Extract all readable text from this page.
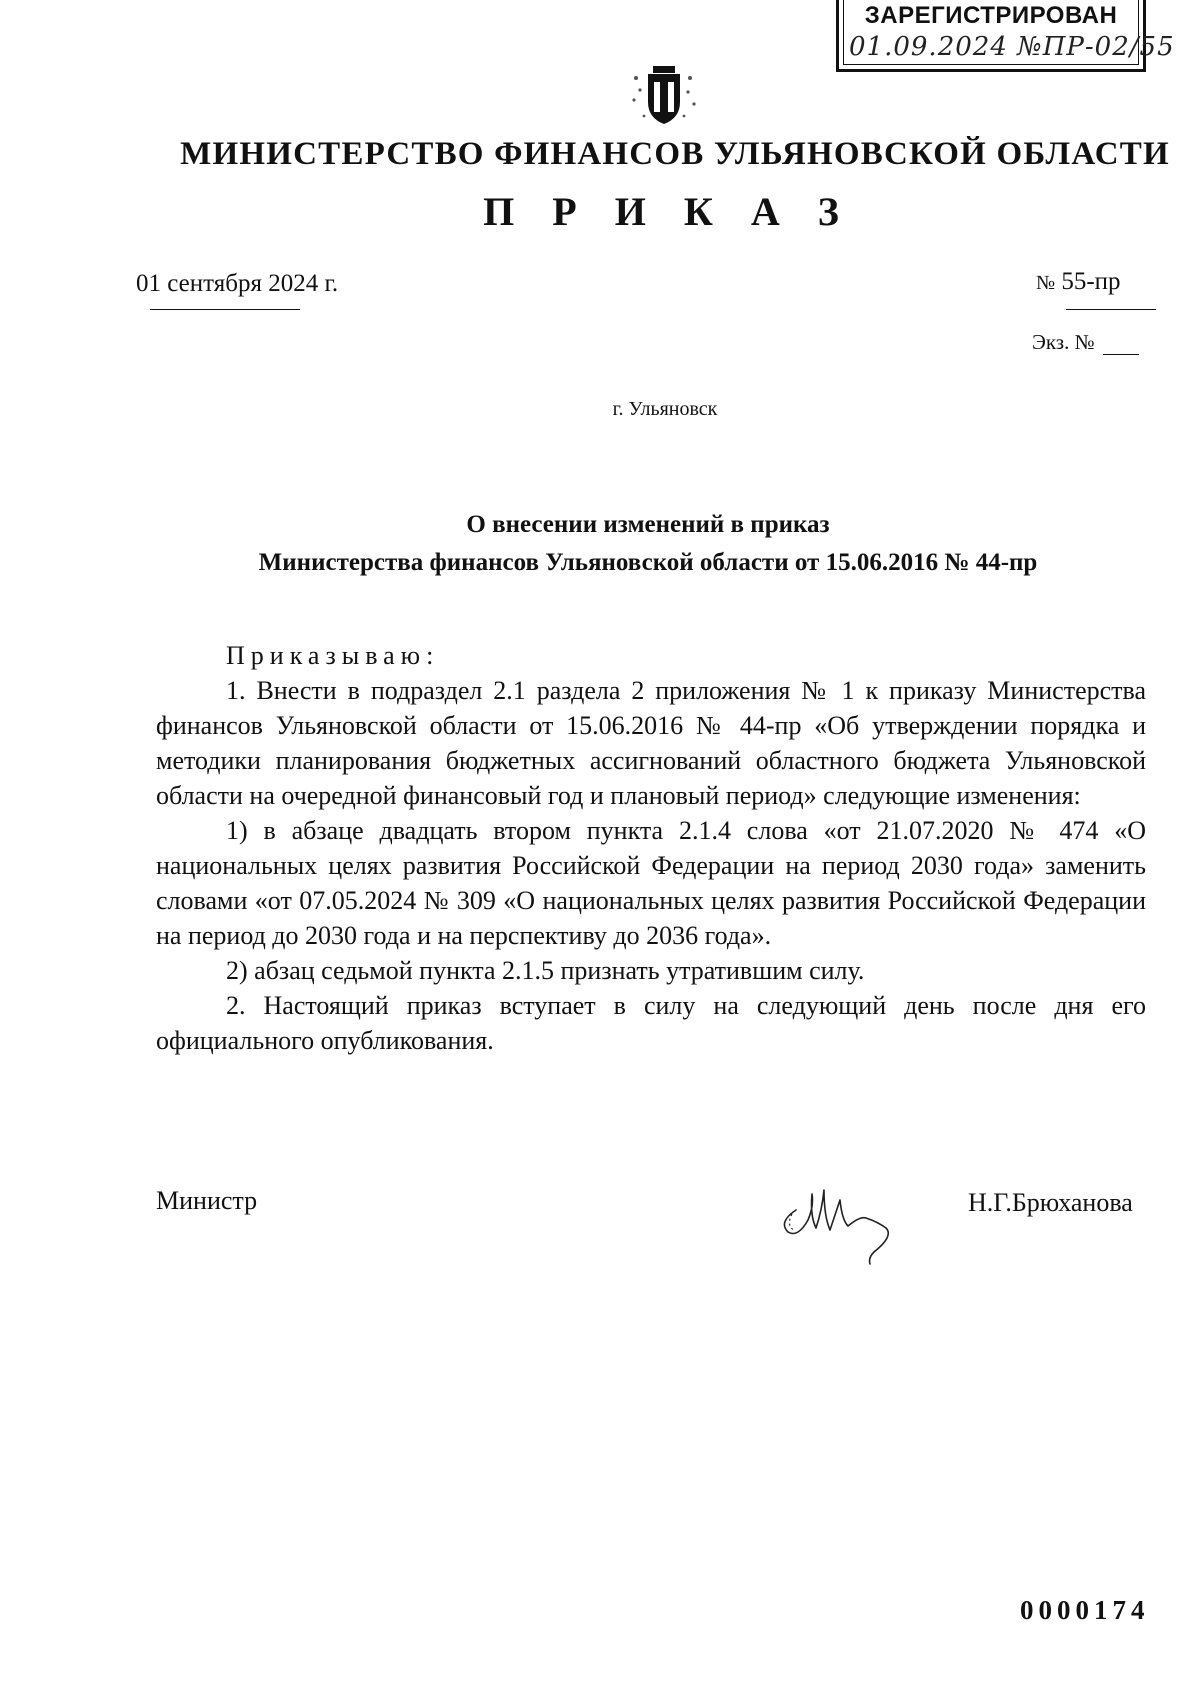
ЗАРЕГИСТРИРОВАН
01.09.2024 №ПР-02/55
МИНИСТЕРСТВО ФИНАНСОВ УЛЬЯНОВСКОЙ ОБЛАСТИ
П Р И К А З
01 сентября 2024 г.	№ 55-пр
Экз. №
г. Ульяновск
О внесении изменений в приказ
Министерства финансов Ульяновской области от 15.06.2016 № 44-пр
Приказываю:

1. Внести в подраздел 2.1 раздела 2 приложения № 1 к приказу Министерства финансов Ульяновской области от 15.06.2016 № 44-пр «Об утверждении порядка и методики планирования бюджетных ассигнований областного бюджета Ульяновской области на очередной финансовый год и плановый период» следующие изменения:

1) в абзаце двадцать втором пункта 2.1.4 слова «от 21.07.2020 № 474 «О национальных целях развития Российской Федерации на период 2030 года» заменить словами «от 07.05.2024 № 309 «О национальных целях развития Российской Федерации на период до 2030 года и на перспективу до 2036 года».

2) абзац седьмой пункта 2.1.5 признать утратившим силу.

2. Настоящий приказ вступает в силу на следующий день после дня его официального опубликования.

Министр	Н.Г.Брюханова
0000174
